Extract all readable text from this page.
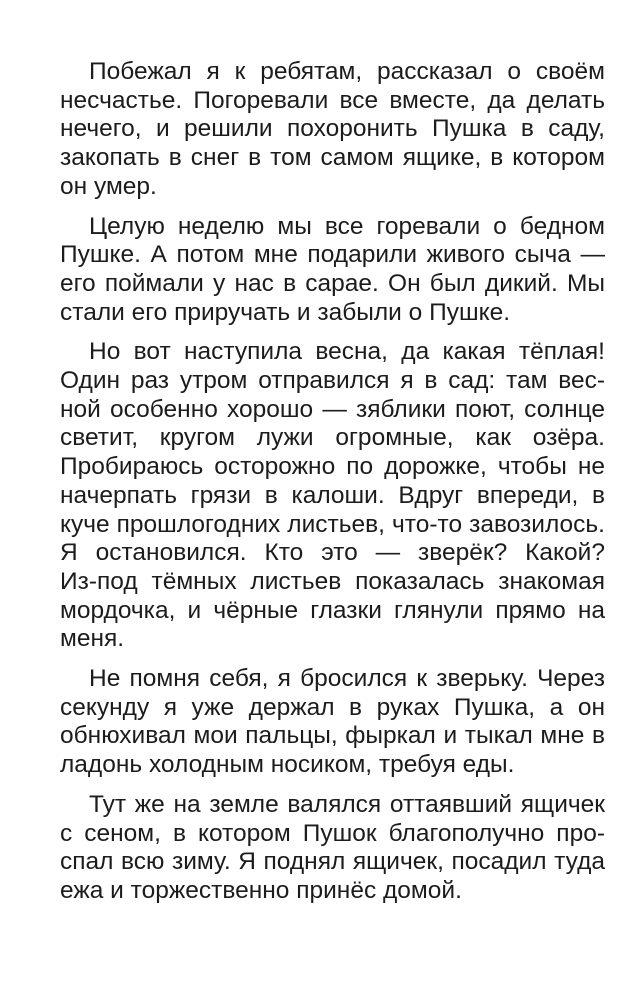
Побежал я к ребятам, рассказал о своём
несчастье. Погоревали все вместе, да делать
нечего, и решили похоронить Пушка в саду,
закопать в снег в том самом ящике, в котором
он умер.

Целую неделю мы все горевали о бедном
Пушке. А потом мне подарили живого сыча —
его поймали у нас в сарае. Он был дикий. Мы
стали его приручать и забыли о Пушке.

Но вот наступила весна, да какая тёплая!
Один раз утром отправился я в сад: там вес-
ной особенно хорошо — зяблики поют, солнце
светит, кругом лужи огромные, как озёра.
Пробираюсь осторожно по дорожке, чтобы не
начерпать грязи в калоши. Вдруг впереди, в
куче прошлогодних листьев, что-то завозилось.
Я остановился. Кто это — зверёк? Какой?
Из-под тёмных листьев показалась знакомая
мордочка, и чёрные глазки глянули прямо на
меня.

Не помня себя, я бросился к зверьку. Через
секунду я уже держал в руках Пушка, а он
обнюхивал мои пальцы, фыркал и тыкал мне в
ладонь холодным носиком, требуя еды.

Тут же на земле валялся оттаявший ящичек
с сеном, в котором Пушок благополучно про-
спал всю зиму. Я поднял ящичек, посадил туда
ежа и торжественно принёс домой.
